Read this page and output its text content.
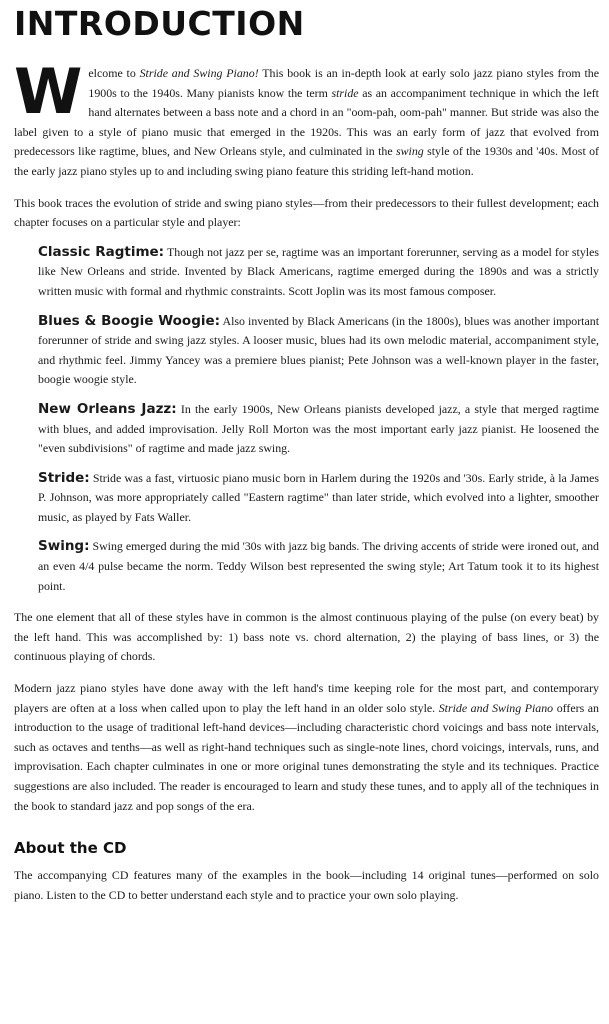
INTRODUCTION

Welcome to Stride and Swing Piano! This book is an in-depth look at early solo jazz piano styles from the 1900s to the 1940s. Many pianists know the term stride as an accompaniment technique in which the left hand alternates between a bass note and a chord in an "oom-pah, oom-pah" manner. But stride was also the label given to a style of piano music that emerged in the 1920s. This was an early form of jazz that evolved from predecessors like ragtime, blues, and New Orleans style, and culminated in the swing style of the 1930s and '40s. Most of the early jazz piano styles up to and including swing piano feature this striding left-hand motion.

This book traces the evolution of stride and swing piano styles—from their predecessors to their fullest development; each chapter focuses on a particular style and player:

Classic Ragtime: Though not jazz per se, ragtime was an important forerunner, serving as a model for styles like New Orleans and stride. Invented by Black Americans, ragtime emerged during the 1890s and was a strictly written music with formal and rhythmic constraints. Scott Joplin was its most famous composer.

Blues & Boogie Woogie: Also invented by Black Americans (in the 1800s), blues was another important forerunner of stride and swing jazz styles. A looser music, blues had its own melodic material, accompaniment style, and rhythmic feel. Jimmy Yancey was a premiere blues pianist; Pete Johnson was a well-known player in the faster, boogie woogie style.

New Orleans Jazz: In the early 1900s, New Orleans pianists developed jazz, a style that merged ragtime with blues, and added improvisation. Jelly Roll Morton was the most important early jazz pianist. He loosened the "even subdivisions" of ragtime and made jazz swing.

Stride: Stride was a fast, virtuosic piano music born in Harlem during the 1920s and '30s. Early stride, à la James P. Johnson, was more appropriately called "Eastern ragtime" than later stride, which evolved into a lighter, smoother music, as played by Fats Waller.

Swing: Swing emerged during the mid '30s with jazz big bands. The driving accents of stride were ironed out, and an even 4/4 pulse became the norm. Teddy Wilson best represented the swing style; Art Tatum took it to its highest point.

The one element that all of these styles have in common is the almost continuous playing of the pulse (on every beat) by the left hand. This was accomplished by: 1) bass note vs. chord alternation, 2) the playing of bass lines, or 3) the continuous playing of chords.

Modern jazz piano styles have done away with the left hand's time keeping role for the most part, and contemporary players are often at a loss when called upon to play the left hand in an older solo style. Stride and Swing Piano offers an introduction to the usage of traditional left-hand devices—including characteristic chord voicings and bass note intervals, such as octaves and tenths—as well as right-hand techniques such as single-note lines, chord voicings, intervals, runs, and improvisation. Each chapter culminates in one or more original tunes demonstrating the style and its techniques. Practice suggestions are also included. The reader is encouraged to learn and study these tunes, and to apply all of the techniques in the book to standard jazz and pop songs of the era.

About the CD

The accompanying CD features many of the examples in the book—including 14 original tunes—performed on solo piano. Listen to the CD to better understand each style and to practice your own solo playing.
